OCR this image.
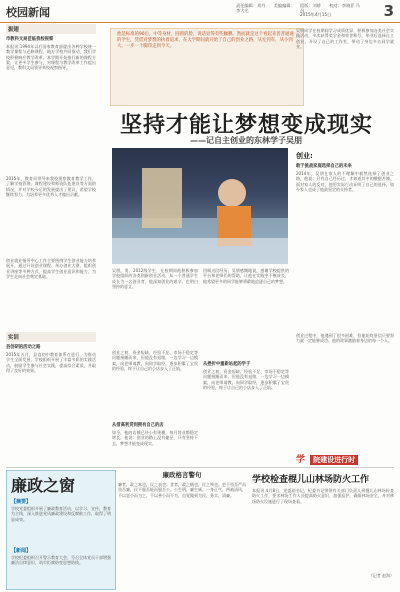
校园新闻
责任编辑：刘丹　　美编编辑：李大光
组版：刘娇　　校对：李晓菲 马昌
2015年4月15日	3
振翅
市教科文局莅临我校视察
本报讯 1994年以后国家教育部提出各种学校统一教学课程与必修课程，地方学校共同推动，我们学校积极响应教学改革，本学期开始推行新的课程方案，让更多学生参与，对课程与教学改革工作提出意见，教科文局领导来校视察指导。
2015年，教育局领导来我校视察教育教学工作，了解学校管理、课程建设和师资队伍建设等方面的情况，并对学校今后的发展提出了建议，希望学校继续努力，为培养更多优秀人才做出贡献。
创业就业指导中心工作主要围绕学生创业能力培养展开，通过开设创业课程、举办创业大赛、组织创业讲座等多种方式，提高学生创业意识和能力，为学生走向社会奠定基础。
实训
县创研的活动之路
2015年五月，县直初中教育体系在进行，为推动学生全面发展，学校组织开展了丰富多彩的实践活动，鼓励学生参与社会实践，提高综合素质，并取得了良好的效果。
他是标准的90后，中等身材，圆圆的脸，说话显得有些腼腆。然而就是这个看起来普普通通的学生，凭借对梦想的执着追求，在大学期间就开始了自己的创业之路，从无到有，从小到大，一步一个脚印走到今天。
坚持才能让梦想变成现实
——记自主创业的东林学子吴朋
吴朋，男，2012级学生，在校期间他积极参加学校组织的各类创新创业活动，从一个普通学生成长为一名创业者，他深知创业的艰辛，也明白坚持的意义。
创业之初，资金短缺、经验不足、市场不稳定等问题接踵而来，但他没有退缩，一边学习一边摸索，向老师请教，向同学取经，逐步积累了宝贵的经验，终于让自己的小店步入了正轨。
从借高利贷到拥有自己的店
如今，他的店铺已经小有规模，每月营业额稳定增长，他说：创业的路上没有捷径，只有坚持下去，梦想才能变成现实。
回顾这段经历，吴朋感慨地说，感谢学校提供的平台和老师们的帮助，让他在实践中不断成长，他希望更多的同学能够勇敢地追逐自己的梦想。
从挫折中重新站起的学子
创业之初，资金短缺、经验不足、市场不稳定等问题接踵而来，但他没有退缩，一边学习一边摸索，向老师请教，向同学取经，逐步积累了宝贵的经验，终于让自己的小店步入了正轨。
吴朋同学在校期间学习成绩优异，积极参加各类社会实践活动，多次获得奖学金和荣誉称号，毕业后选择自主创业，开设了自己的工作室，带动了身边多名同学就业。
创业:
敢于挑战家庭选择自己的未来
2014年，吴朋在家人的不理解中毅然选择了创业之路，他说：只有自己经历过，才知道其中的酸甜苦辣。面对家人的反对，他用实际行动证明了自己的选择，如今家人也成了他最坚定的支持者。
创业过程中，他遇到了很多困难，但他始终坚信只要努力就一定能够成功。他的故事激励着身边的每一个人。
学 院建设进行时
廉政之窗
【摘要】
学校党委组织开展了廉政教育活动，以学习、宣传、教育为主线，深入推进党风廉政建设和反腐败工作，取得了明显成效。
【新闻】
学校纪委组织召开警示教育大会，号召全体党员干部增强廉洁自律意识，筑牢拒腐防变思想防线。
廉政格言警句
廉者，政之本也，民之表也；贪者，政之贼也，民之殃也。吏不畏吾严而畏吾廉，民不服吾能而服吾公。公生明，廉生威。一身正气，两袖清风，不以恶小而为之，不以善小而不为，自觉做到为民、务实、清廉。
学校检查棍儿山林场防火工作
本报讯 4月8日，党委副书记、纪委书记带领有关部门负责人到棍儿山林场检查防火工作，要求林场工作人员提高防火意识，加强巡护，确保林场安全，并对林场防火设施进行了现场查看。
（记者 赵海）
